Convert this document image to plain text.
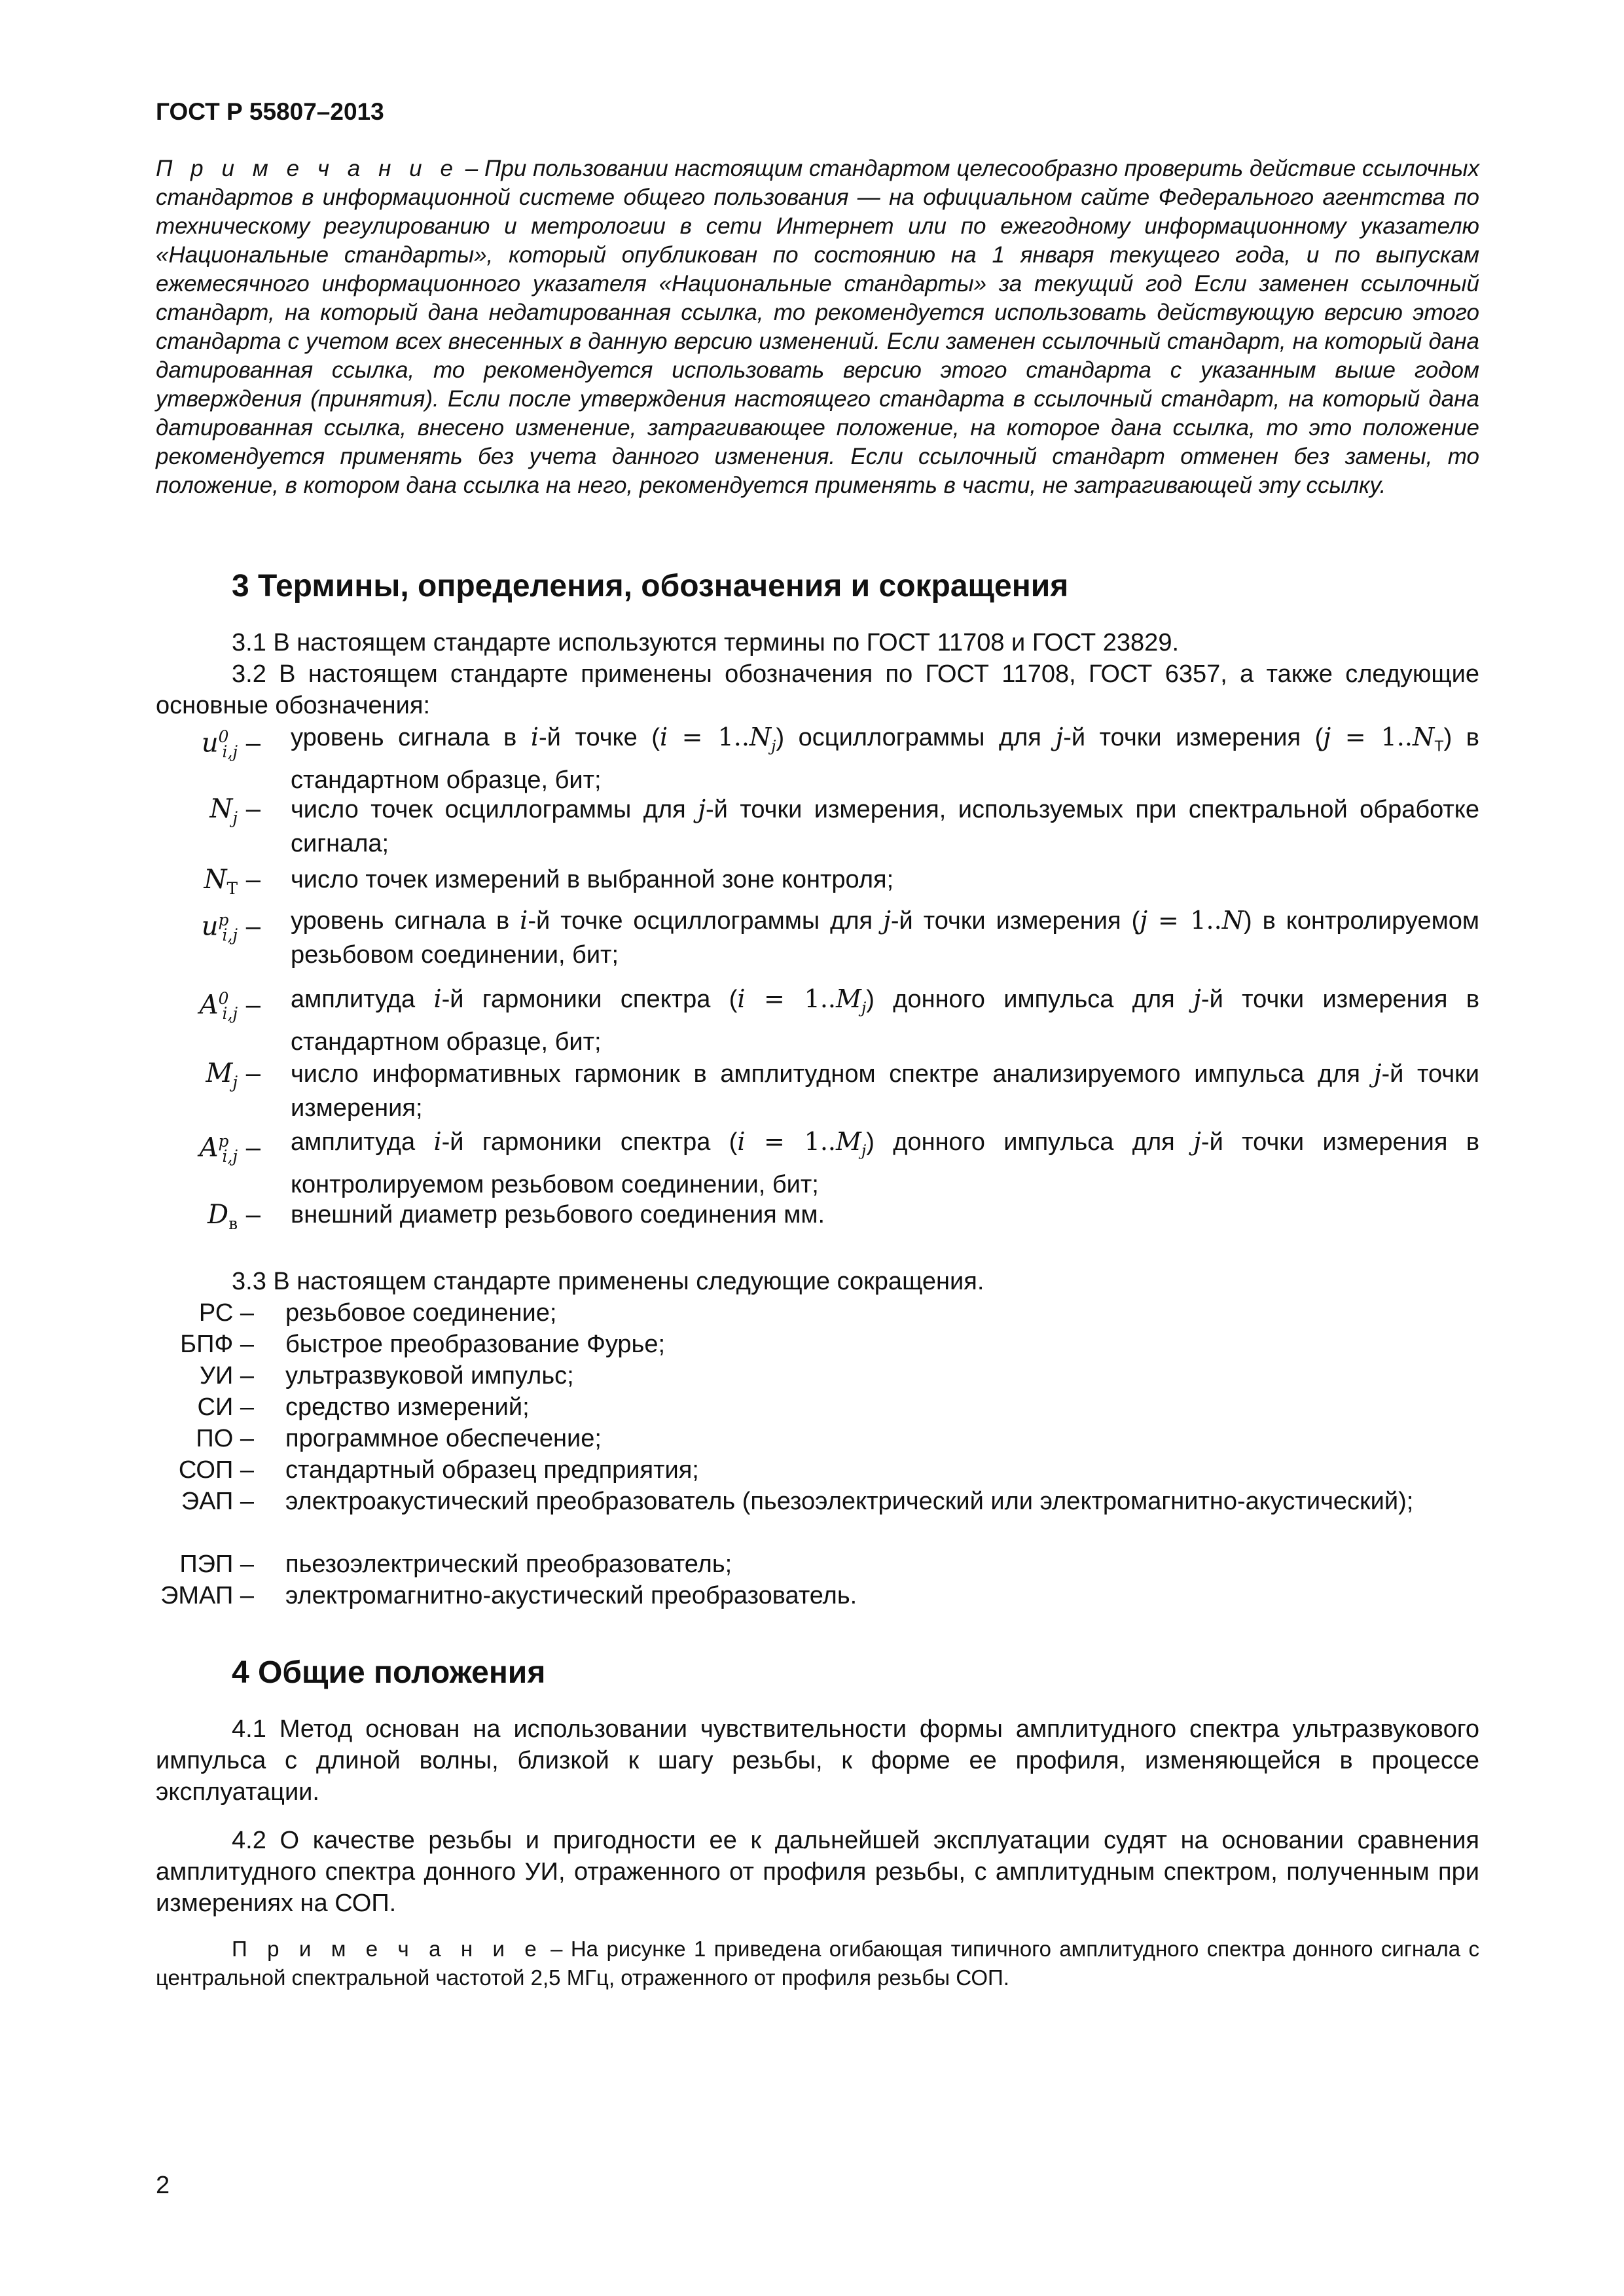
ГОСТ Р 55807–2013
П р и м е ч а н и е – При пользовании настоящим стандартом целесообразно проверить действие ссылочных стандартов в информационной системе общего пользования — на официальном сайте Федерального агентства по техническому регулированию и метрологии в сети Интернет или по ежегодному информационному указателю «Национальные стандарты», который опубликован по состоянию на 1 января текущего года, и по выпускам ежемесячного информационного указателя «Национальные стандарты» за текущий год Если заменен ссылочный стандарт, на который дана недатированная ссылка, то рекомендуется использовать действующую версию этого стандарта с учетом всех внесенных в данную версию изменений. Если заменен ссылочный стандарт, на который дана датированная ссылка, то рекомендуется использовать версию этого стандарта с указанным выше годом утверждения (принятия). Если после утверждения настоящего стандарта в ссылочный стандарт, на который дана датированная ссылка, внесено изменение, затрагивающее положение, на которое дана ссылка, то это положение рекомендуется применять без учета данного изменения. Если ссылочный стандарт отменен без замены, то положение, в котором дана ссылка на него, рекомендуется применять в части, не затрагивающей эту ссылку.
3 Термины, определения, обозначения и сокращения
3.1 В настоящем стандарте используются термины по ГОСТ 11708 и ГОСТ 23829.
3.2 В настоящем стандарте применены обозначения по ГОСТ 11708, ГОСТ 6357, а также следующие основные обозначения:
$u^0_{i,j}$ – уровень сигнала в i-й точке $(i = 1..N_j)$ осциллограммы для j-й точки измерения $(j = 1..N_Т)$ в стандартном образце, бит;
$N_j$ – число точек осциллограммы для j-й точки измерения, используемых при спектральной обработке сигнала;
$N_Т$ – число точек измерений в выбранной зоне контроля;
$u^p_{i,j}$ – уровень сигнала в i-й точке осциллограммы для j-й точки измерения (j = 1..N) в контролируемом резьбовом соединении, бит;
$A^0_{i,j}$ – амплитуда i-й гармоники спектра $(i = 1..M_j)$ донного импульса для j-й точки измерения в стандартном образце, бит;
$M_j$ – число информативных гармоник в амплитудном спектре анализируемого импульса для j-й точки измерения;
$A^p_{i,j}$ – амплитуда i-й гармоники спектра $(i = 1..M_j)$ донного импульса для j-й точки измерения в контролируемом резьбовом соединении, бит;
$D_в$ – внешний диаметр резьбового соединения мм.
3.3 В настоящем стандарте применены следующие сокращения.
РС – резьбовое соединение;
БПФ – быстрое преобразование Фурье;
УИ – ультразвуковой импульс;
СИ – средство измерений;
ПО – программное обеспечение;
СОП – стандартный образец предприятия;
ЭАП – электроакустический преобразователь (пьезоэлектрический или электромагнитно-акустический);
ПЭП – пьезоэлектрический преобразователь;
ЭМАП – электромагнитно-акустический преобразователь.
4 Общие положения
4.1 Метод основан на использовании чувствительности формы амплитудного спектра ультразвукового импульса с длиной волны, близкой к шагу резьбы, к форме ее профиля, изменяющейся в процессе эксплуатации.
4.2 О качестве резьбы и пригодности ее к дальнейшей эксплуатации судят на основании сравнения амплитудного спектра донного УИ, отраженного от профиля резьбы, с амплитудным спектром, полученным при измерениях на СОП.
П р и м е ч а н и е – На рисунке 1 приведена огибающая типичного амплитудного спектра донного сигнала с центральной спектральной частотой 2,5 МГц, отраженного от профиля резьбы СОП.
2
